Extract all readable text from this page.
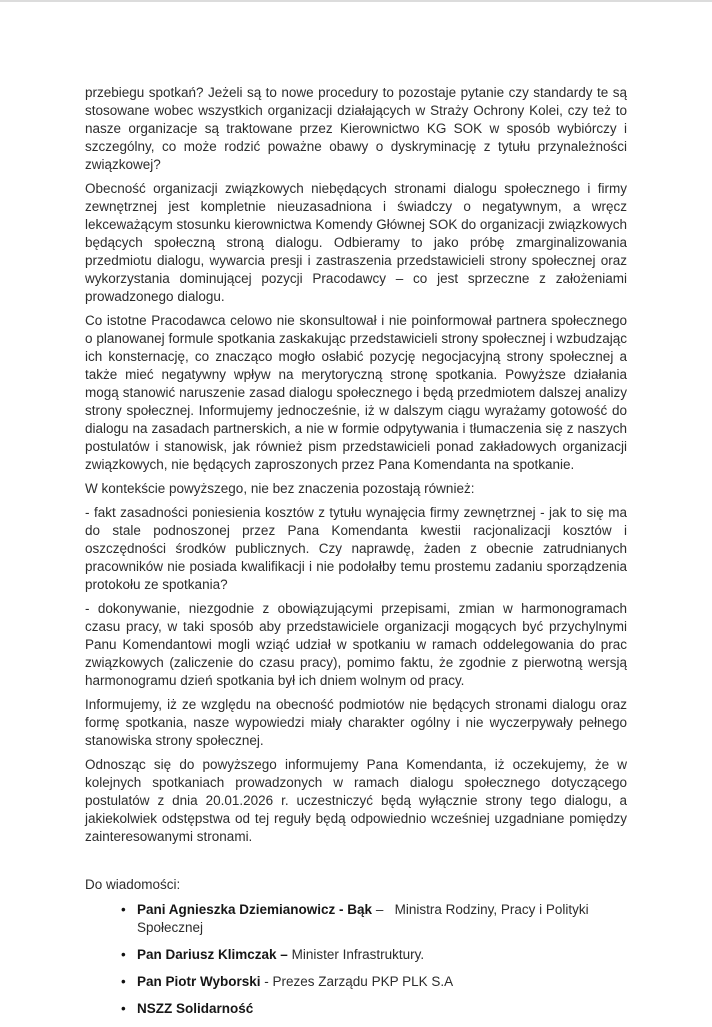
przebiegu spotkań? Jeżeli są to nowe procedury to pozostaje pytanie czy standardy te są stosowane wobec wszystkich organizacji działających w Straży Ochrony Kolei, czy też to nasze organizacje są traktowane przez Kierownictwo KG SOK w sposób wybiórczy i szczególny, co może rodzić poważne obawy o dyskryminację z tytułu przynależności związkowej?

Obecność organizacji związkowych niebędących stronami dialogu społecznego i firmy zewnętrznej jest kompletnie nieuzasadniona i świadczy o negatywnym, a wręcz lekceważącym stosunku kierownictwa Komendy Głównej SOK do organizacji związkowych będących społeczną stroną dialogu. Odbieramy to jako próbę zmarginalizowania przedmiotu dialogu, wywarcia presji i zastraszenia przedstawicieli strony społecznej oraz wykorzystania dominującej pozycji Pracodawcy – co jest sprzeczne z założeniami prowadzonego dialogu.

Co istotne Pracodawca celowo nie skonsultował i nie poinformował partnera społecznego o planowanej formule spotkania zaskakując przedstawicieli strony społecznej i wzbudzając ich konsternację, co znacząco mogło osłabić pozycję negocjacyjną strony społecznej a także mieć negatywny wpływ na merytoryczną stronę spotkania. Powyższe działania mogą stanowić naruszenie zasad dialogu społecznego i będą przedmiotem dalszej analizy strony społecznej. Informujemy jednocześnie, iż w dalszym ciągu wyrażamy gotowość do dialogu na zasadach partnerskich, a nie w formie odpytywania i tłumaczenia się z naszych postulatów i stanowisk, jak również pism przedstawicieli ponad zakładowych organizacji związkowych, nie będących zaproszonych przez Pana Komendanta na spotkanie.

W kontekście powyższego, nie bez znaczenia pozostają również:

- fakt zasadności poniesienia kosztów z tytułu wynajęcia firmy zewnętrznej - jak to się ma do stale podnoszonej przez Pana Komendanta kwestii racjonalizacji kosztów i oszczędności środków publicznych. Czy naprawdę, żaden z obecnie zatrudnianych pracowników nie posiada kwalifikacji i nie podołałby temu prostemu zadaniu sporządzenia protokołu ze spotkania?

- dokonywanie, niezgodnie z obowiązującymi przepisami, zmian w harmonogramach czasu pracy, w taki sposób aby przedstawiciele organizacji mogących być przychylnymi Panu Komendantowi mogli wziąć udział w spotkaniu w ramach oddelegowania do prac związkowych (zaliczenie do czasu pracy), pomimo faktu, że zgodnie z pierwotną wersją harmonogramu dzień spotkania był ich dniem wolnym od pracy.

Informujemy, iż ze względu na obecność podmiotów nie będących stronami dialogu oraz formę spotkania, nasze wypowiedzi miały charakter ogólny i nie wyczerpywały pełnego stanowiska strony społecznej.

Odnosząc się do powyższego informujemy Pana Komendanta, iż oczekujemy, że w kolejnych spotkaniach prowadzonych w ramach dialogu społecznego dotyczącego postulatów z dnia 20.01.2026 r. uczestniczyć będą wyłącznie strony tego dialogu, a jakiekolwiek odstępstwa od tej reguły będą odpowiednio wcześniej uzgadniane pomiędzy zainteresowanymi stronami.

Do wiadomości:

• Pani Agnieszka Dziemianowicz - Bąk –   Ministra Rodziny, Pracy i Polityki Społecznej
• Pan Dariusz Klimczak – Minister Infrastruktury.
• Pan Piotr Wyborski - Prezes Zarządu PKP PLK S.A
• NSZZ Solidarność
